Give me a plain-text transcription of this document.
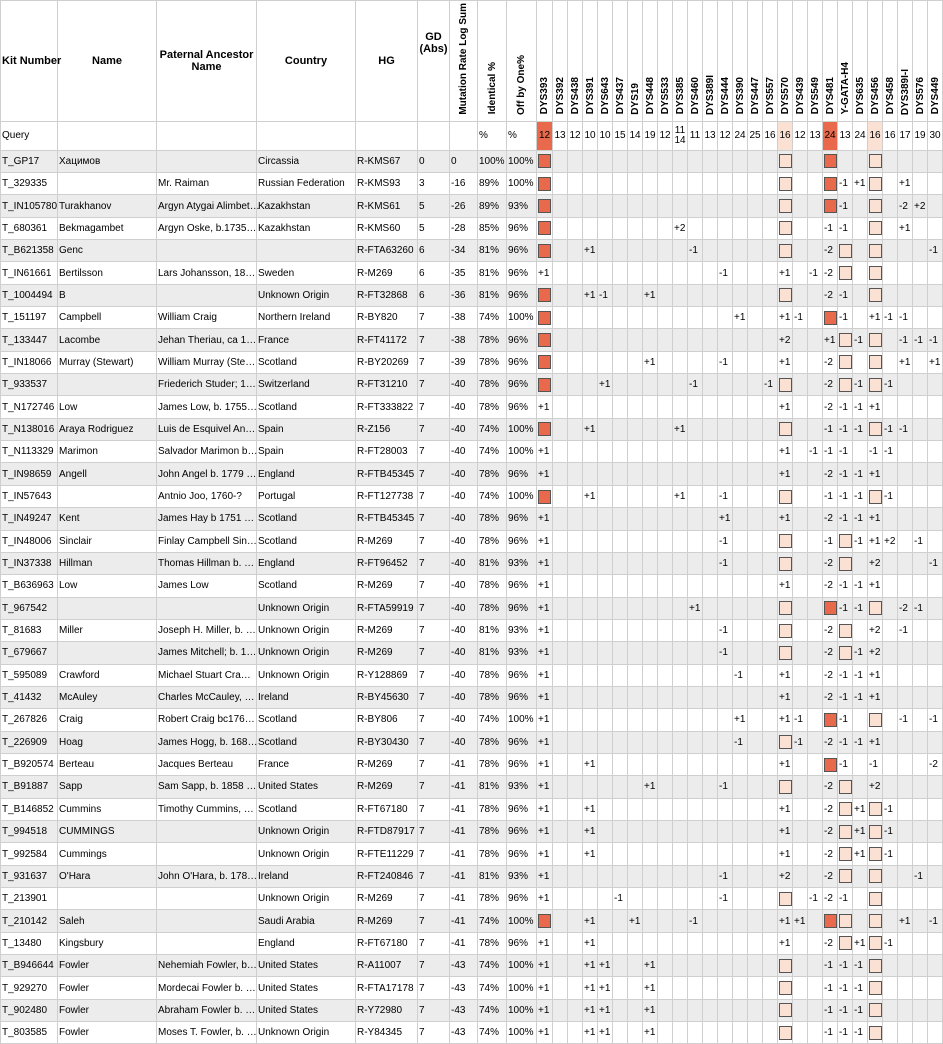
Kit Number	Name	Paternal Ancestor Name	Country	HG	GD (Abs)	Mutation Rate Log Sum	Identical %	Off by One%	DYS393	DYS392	DYS438	DYS391	DYS643	DYS437	DYS19	DYS448	DYS533	DYS385	DYS460	DYS389I	DYS444	DYS390	DYS447	DYS557	DYS570	DYS439	DYS549	DYS481	Y-GATA-H4	DYS635	DYS456	DYS458	DYS389I-I	DYS576	DYS449
Query							%	%	12	13	12	10	10	15	14	19	12	11 14	11	13	12	24	25	16	16	12	13	24	13	24	16	16	17	19	30
T_GP17	Хацимов		Circassia	R-KMS67	0	0	100%	100%																											
T_329335		Mr. Raiman	Russian Federation	R-KMS93	3	-16	89%	100%																					-1	+1			+1		
T_IN105780	Turakhanov	Argyn Atygai Alimbet…	Kazakhstan	R-KMS61	5	-26	89%	93%																					-1				-2	+2	
T_680361	Bekmagambet	Argyn Oske, b.1735…	Kazakhstan	R-KMS60	5	-28	85%	96%										+2										-1	-1				+1		
T_B621358	Genc			R-FTA63260	6	-34	81%	96%				+1							-1									-2							-1
T_IN61661	Bertilsson	Lars Johansson, 18…	Sweden	R-M269	6	-35	81%	96%	+1												-1				+1		-1	-2							
T_1004494	B		Unknown Origin	R-FT32868	6	-36	81%	96%				+1	-1			+1												-2	-1						
T_151197	Campbell	William Craig	Northern Ireland	R-BY820	7	-38	74%	100%														+1			+1	-1			-1		+1	-1	-1		
T_133447	Lacombe	Jehan Theriau, ca 1…	France	R-FT41172	7	-38	78%	96%																	+2			+1		-1			-1	-1	-1
T_IN18066	Murray (Stewart)	William Murray (Ste…	Scotland	R-BY20269	7	-39	78%	96%								+1					-1				+1			-2					+1		+1
T_933537		Friederich Studer; 1…	Switzerland	R-FT31210	7	-40	78%	96%					+1						-1					-1				-2		-1		-1			
T_N172746	Low	James Low, b. 1755…	Scotland	R-FT333822	7	-40	78%	96%	+1																+1			-2	-1	-1	+1				
T_N138016	Araya Rodriguez	Luis de Esquivel An…	Spain	R-Z156	7	-40	74%	100%				+1						+1										-1	-1	-1		-1	-1		
T_N113329	Marimon	Salvador Marimon b…	Spain	R-FT28003	7	-40	74%	100%	+1																+1		-1	-1	-1		-1	-1			
T_IN98659	Angell	John Angel b. 1779 …	England	R-FTB45345	7	-40	78%	96%	+1																+1			-2	-1	-1	+1				
T_IN57643		Antnio Joo, 1760-?	Portugal	R-FT127738	7	-40	74%	100%				+1						+1			-1							-1	-1	-1		-1			
T_IN49247	Kent	James Hay b 1751 …	Scotland	R-FTB45345	7	-40	78%	96%	+1												+1				+1			-2	-1	-1	+1				
T_IN48006	Sinclair	Finlay Campbell Sin…	Scotland	R-M269	7	-40	78%	96%	+1												-1							-1		-1	+1	+2		-1	
T_IN37338	Hillman	Thomas Hillman b. …	England	R-FT96452	7	-40	81%	93%	+1												-1							-2			+2				-1
T_B636963	Low	James Low	Scotland	R-M269	7	-40	78%	96%	+1																+1			-2	-1	-1	+1				
T_967542			Unknown Origin	R-FTA59919	7	-40	78%	96%	+1										+1										-1	-1			-2	-1	
T_81683	Miller	Joseph H. Miller, b. …	Unknown Origin	R-M269	7	-40	81%	93%	+1												-1							-2			+2		-1		
T_679667		James Mitchell; b. 1…	Unknown Origin	R-M269	7	-40	81%	93%	+1												-1							-2		-1	+2				
T_595089	Crawford	Michael Stuart Cra…	Unknown Origin	R-Y128869	7	-40	78%	96%	+1													-1			+1			-2	-1	-1	+1				
T_41432	McAuley	Charles McCauley, …	Ireland	R-BY45630	7	-40	78%	96%	+1																+1			-2	-1	-1	+1				
T_267826	Craig	Robert Craig bc176…	Scotland	R-BY806	7	-40	74%	100%	+1													+1			+1	-1			-1				-1		-1
T_226909	Hoag	James Hogg, b. 168…	Scotland	R-BY30430	7	-40	78%	96%	+1													-1				-1		-2	-1	-1	+1				
T_B920574	Berteau	Jacques Berteau	France	R-M269	7	-41	78%	96%	+1			+1													+1				-1		-1				-2
T_B91887	Sapp	Sam Sapp, b. 1858 …	United States	R-M269	7	-41	81%	93%	+1							+1					-1							-2			+2				
T_B146852	Cummins	Timothy Cummins, …	Scotland	R-FT67180	7	-41	78%	96%	+1			+1													+1			-2		+1		-1			
T_994518	CUMMINGS		Unknown Origin	R-FTD87917	7	-41	78%	96%	+1			+1													+1			-2		+1		-1			
T_992584	Cummings		Unknown Origin	R-FTE11229	7	-41	78%	96%	+1			+1													+1			-2		+1		-1			
T_931637	O'Hara	John O'Hara, b. 178…	Ireland	R-FT240846	7	-41	81%	93%	+1												-1				+2			-2						-1	
T_213901			Unknown Origin	R-M269	7	-41	78%	96%	+1					-1							-1						-1	-2	-1						
T_210142	Saleh		Saudi Arabia	R-M269	7	-41	74%	100%				+1			+1				-1						+1	+1							+1		-1
T_13480	Kingsbury		England	R-FT67180	7	-41	78%	96%	+1			+1													+1			-2		+1		-1			
T_B946644	Fowler	Nehemiah Fowler, b…	United States	R-A11007	7	-43	74%	100%	+1			+1	+1			+1												-1	-1	-1					
T_929270	Fowler	Mordecai Fowler b. …	United States	R-FTA17178	7	-43	74%	100%	+1			+1	+1			+1												-1	-1	-1					
T_902480	Fowler	Abraham Fowler b. …	United States	R-Y72980	7	-43	74%	100%	+1			+1	+1			+1												-1	-1	-1					
T_803585	Fowler	Moses T. Fowler, b. …	Unknown Origin	R-Y84345	7	-43	74%	100%	+1			+1	+1			+1												-1	-1	-1					
